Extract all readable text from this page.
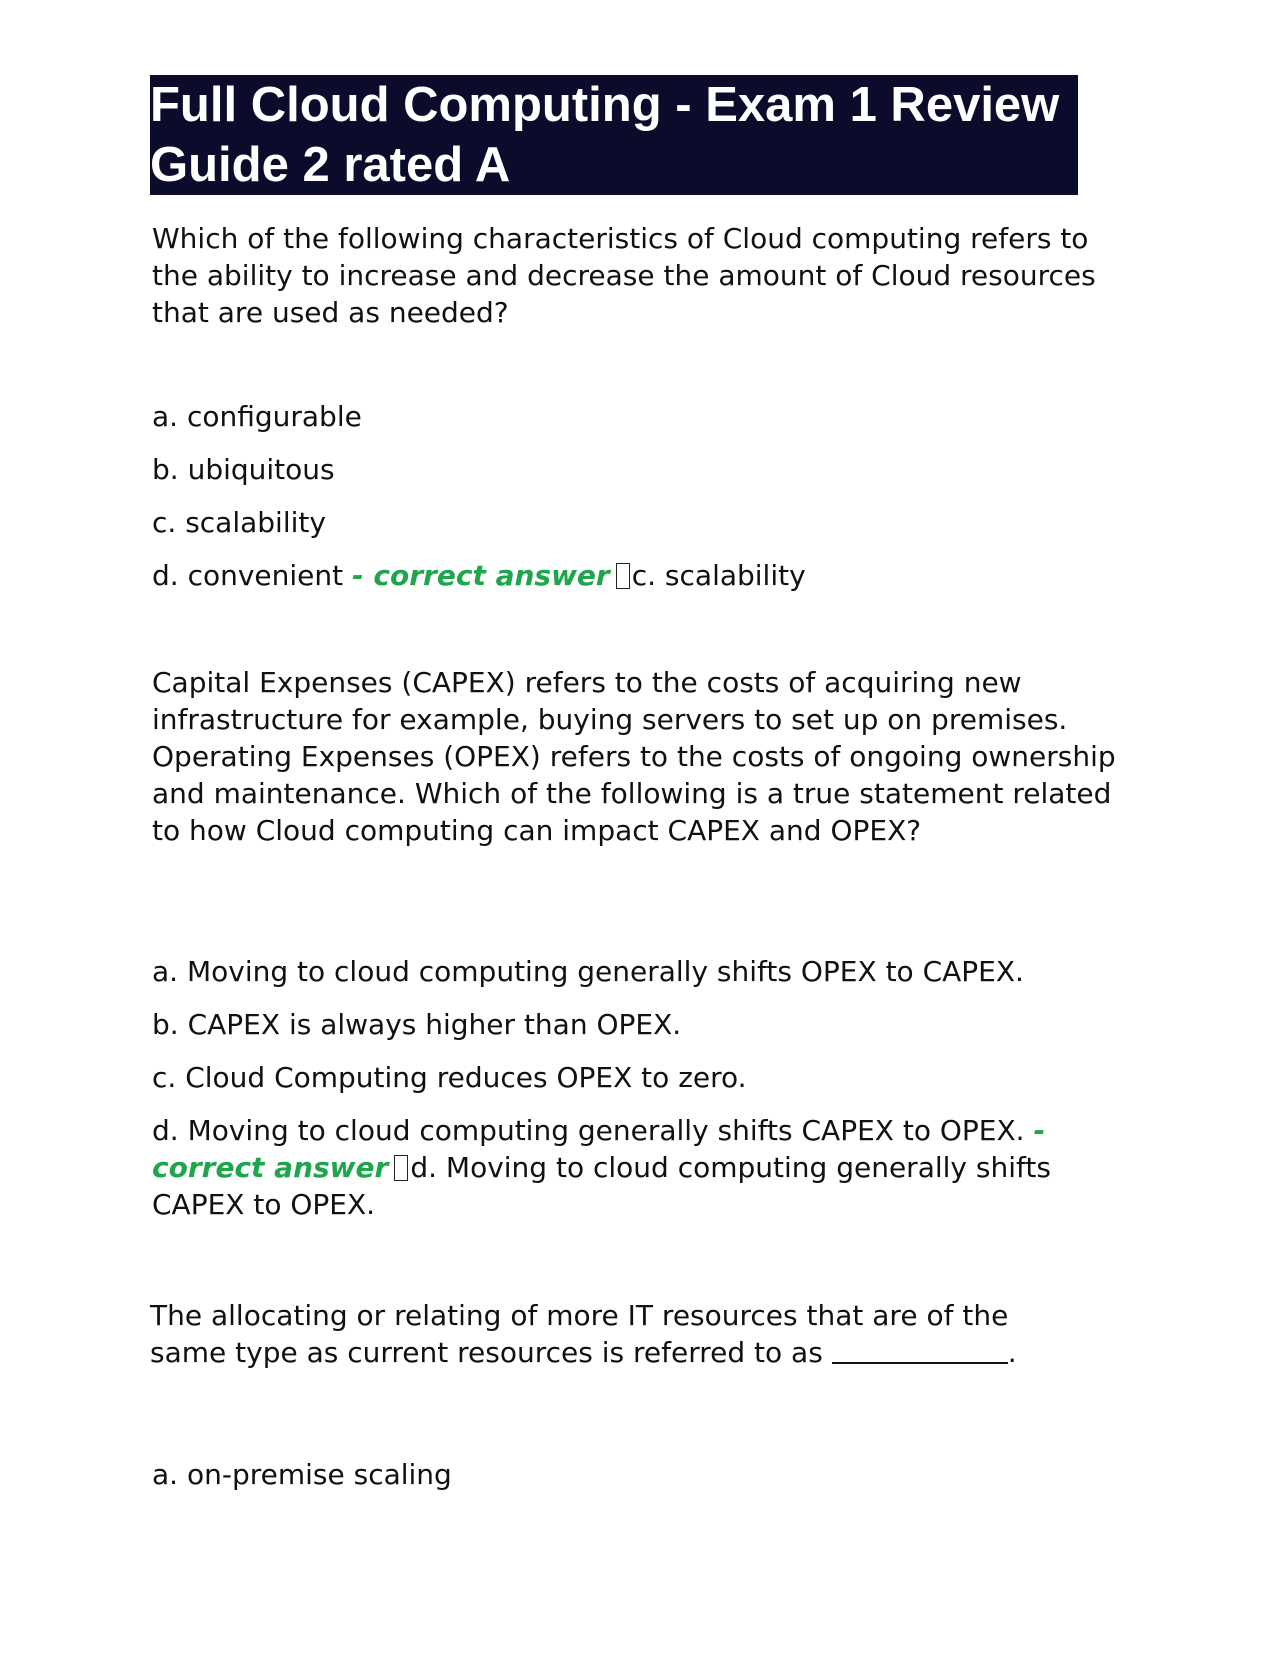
Full Cloud Computing - Exam 1 Review
Guide 2 rated A

Which of the following characteristics of Cloud computing refers to the ability to increase and decrease the amount of Cloud resources that are used as needed?

a. configurable

b. ubiquitous

c. scalability

d. convenient - correct answer c. scalability

Capital Expenses (CAPEX) refers to the costs of acquiring new infrastructure for example, buying servers to set up on premises. Operating Expenses (OPEX) refers to the costs of ongoing ownership and maintenance. Which of the following is a true statement related to how Cloud computing can impact CAPEX and OPEX?

a. Moving to cloud computing generally shifts OPEX to CAPEX.

b. CAPEX is always higher than OPEX.

c. Cloud Computing reduces OPEX to zero.

d. Moving to cloud computing generally shifts CAPEX to OPEX. -

correct answer d. Moving to cloud computing generally shifts

CAPEX to OPEX.

The allocating or relating of more IT resources that are of the same type as current resources is referred to as	.

a. on-premise scaling
